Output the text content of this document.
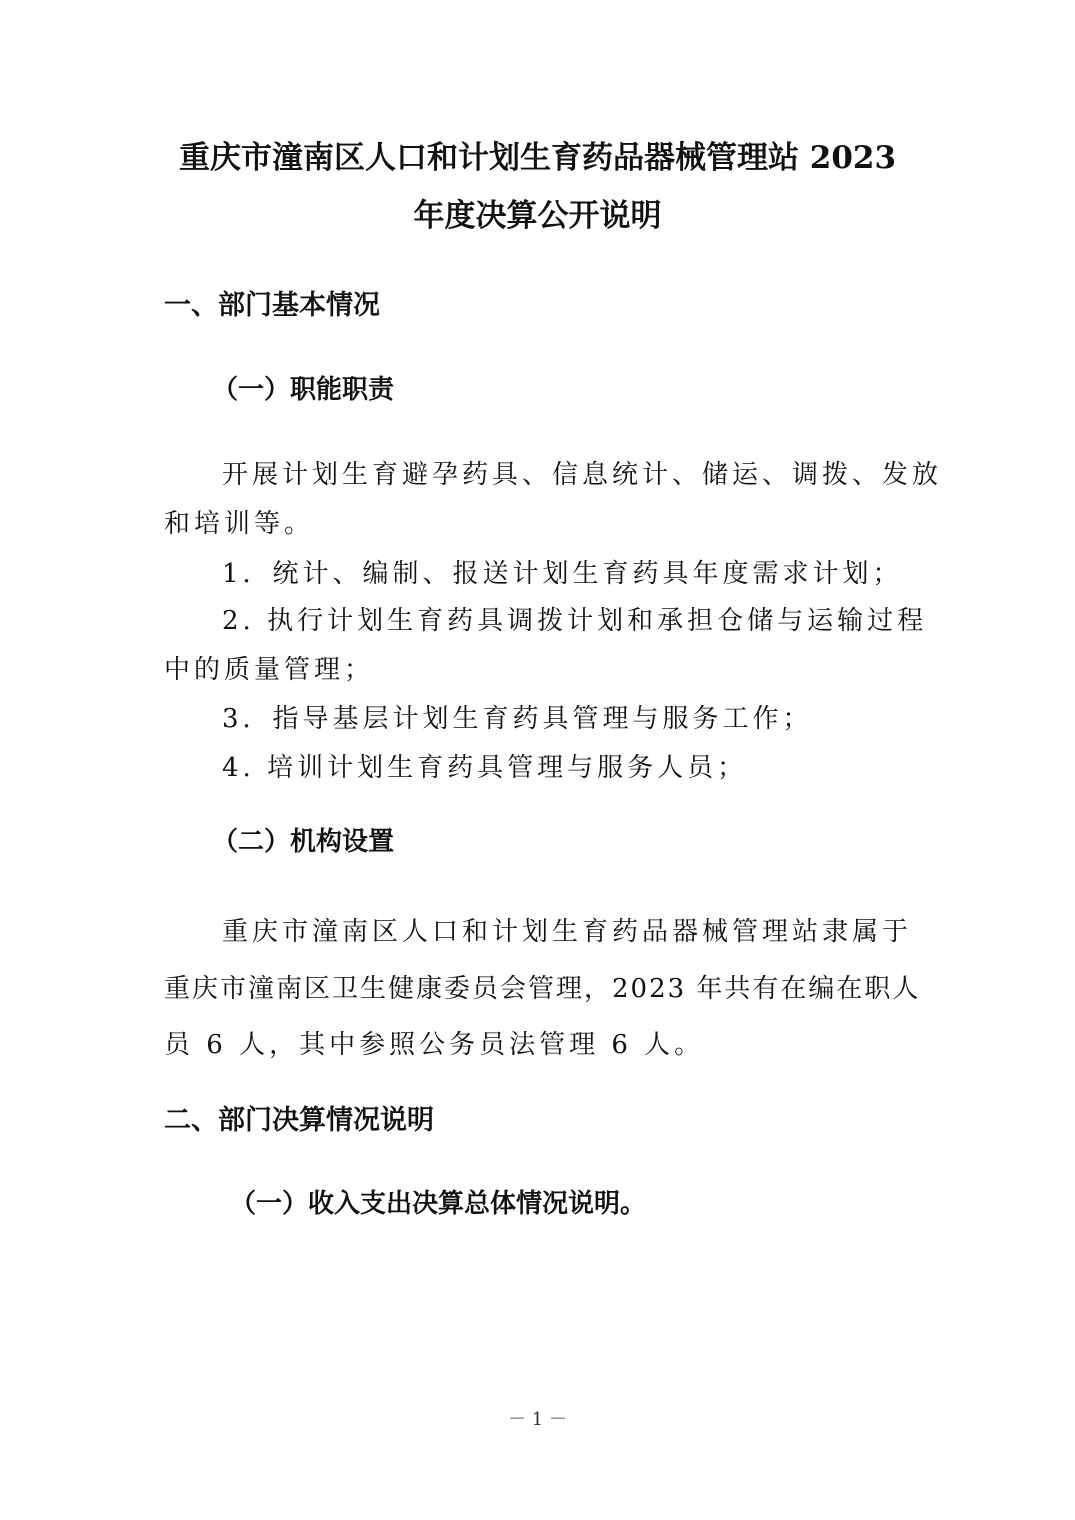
重庆市潼南区人口和计划生育药品器械管理站 2023
年度决算公开说明
一、部门基本情况
（一）职能职责
开展计划生育避孕药具、信息统计、储运、调拨、发放
和培训等。
1．统计、编制、报送计划生育药具年度需求计划；
2. 执行计划生育药具调拨计划和承担仓储与运输过程
中的质量管理；
3．指导基层计划生育药具管理与服务工作；
4. 培训计划生育药具管理与服务人员；
（二）机构设置
重庆市潼南区人口和计划生育药品器械管理站隶属于
重庆市潼南区卫生健康委员会管理，2023 年共有在编在职人
员 6 人，其中参照公务员法管理 6 人。
二、部门决算情况说明
（一）收入支出决算总体情况说明。
－ 1 －
